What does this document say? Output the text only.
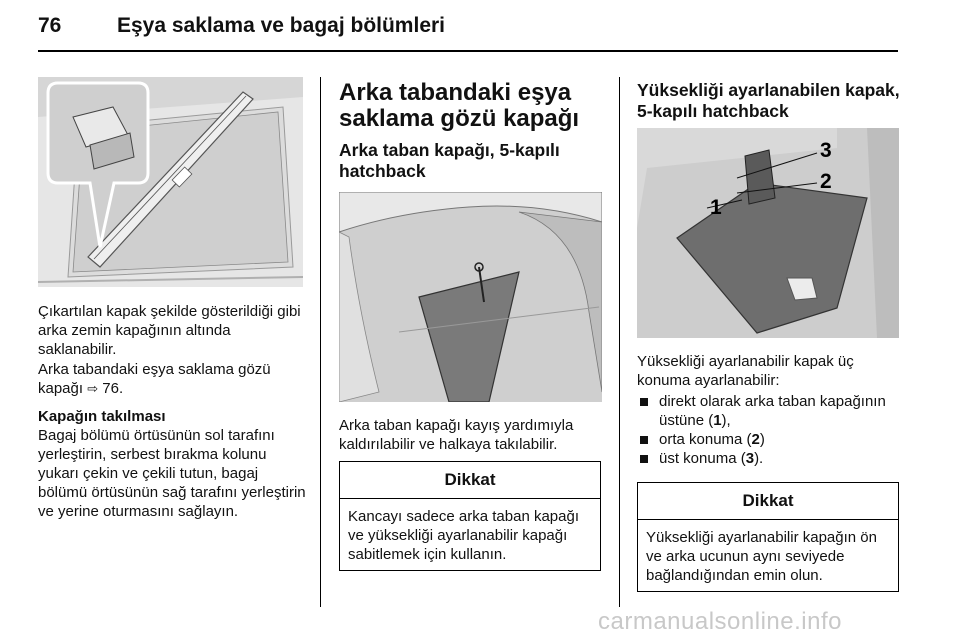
76	Eşya saklama ve bagaj bölümleri

Çıkartılan kapak şekilde gösterildiği gibi arka zemin kapağının altında saklanabilir.

Arka tabandaki eşya saklama gözü kapağı ⇨ 76.

Kapağın takılması

Bagaj bölümü örtüsünün sol tarafını yerleştirin, serbest bırakma kolunu yukarı çekin ve çekili tutun, bagaj bölümü örtüsünün sağ tarafını yerleştirin ve yerine oturmasını sağlayın.

Arka tabandaki eşya saklama gözü kapağı
Arka taban kapağı, 5-kapılı hatchback

Arka taban kapağı kayış yardımıyla kaldırılabilir ve halkaya takılabilir.

Dikkat
Kancayı sadece arka taban kapağı ve yüksekliği ayarlanabilir kapağı sabitlemek için kullanın.
Yüksekliği ayarlanabilen kapak, 5-kapılı hatchback
3
2
1

Yüksekliği ayarlanabilir kapak üç konuma ayarlanabilir:

direkt olarak arka taban kapağının üstüne (1),
orta konuma (2)
üst konuma (3).
Dikkat
Yüksekliği ayarlanabilir kapağın ön ve arka ucunun aynı seviyede bağlandığından emin olun.
carmanualsonline.info
